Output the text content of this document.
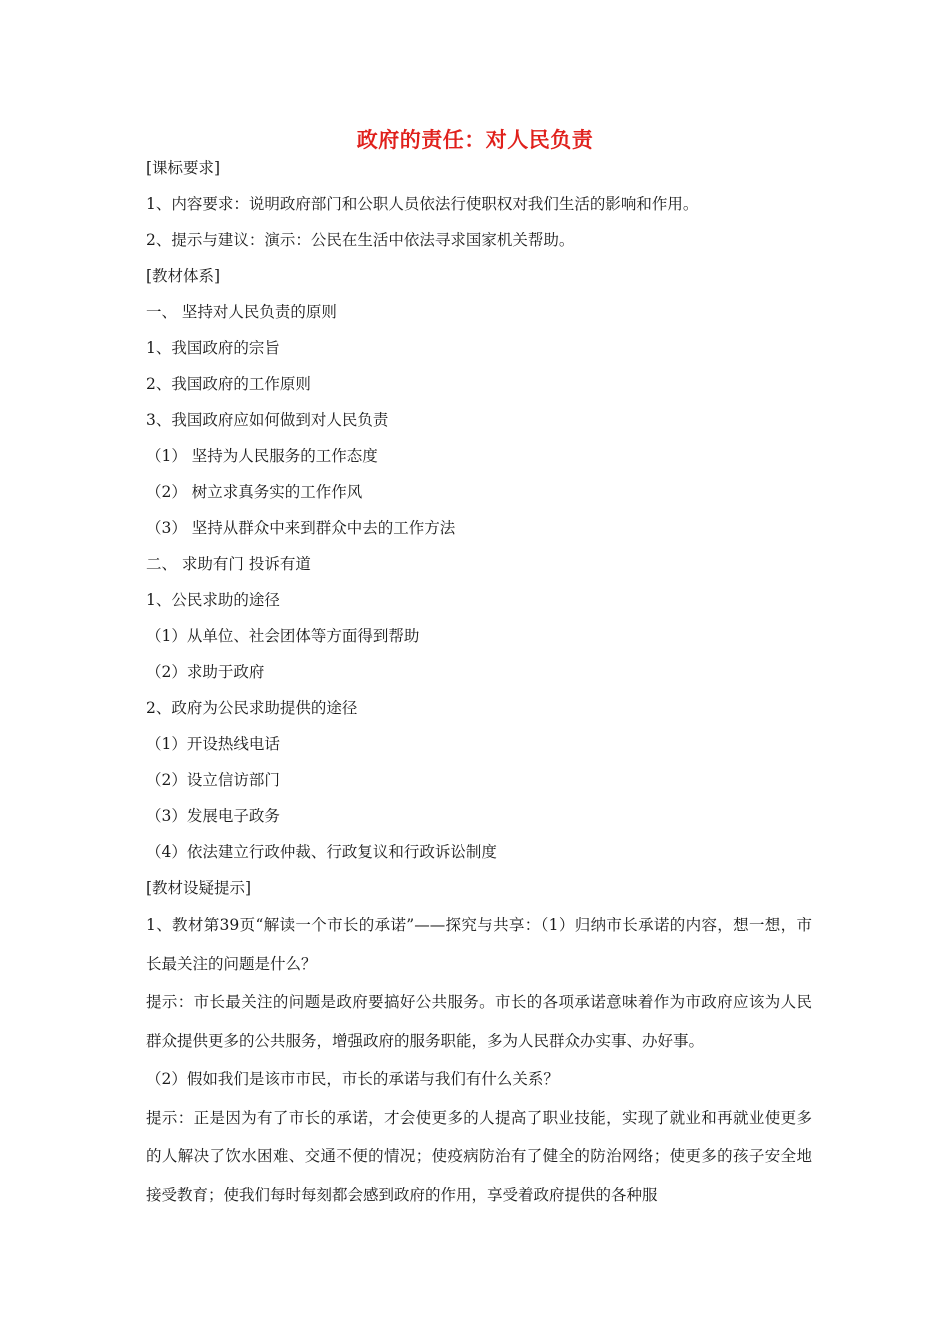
政府的责任：对人民负责
[课标要求]
1、内容要求：说明政府部门和公职人员依法行使职权对我们生活的影响和作用。
2、提示与建议：演示：公民在生活中依法寻求国家机关帮助。
[教材体系]
一、 坚持对人民负责的原则
1、我国政府的宗旨
2、我国政府的工作原则
3、我国政府应如何做到对人民负责
（1） 坚持为人民服务的工作态度
（2） 树立求真务实的工作作风
（3） 坚持从群众中来到群众中去的工作方法
二、 求助有门 投诉有道
1、公民求助的途径
（1）从单位、社会团体等方面得到帮助
（2）求助于政府
2、政府为公民求助提供的途径
（1）开设热线电话
（2）设立信访部门
（3）发展电子政务
（4）依法建立行政仲裁、行政复议和行政诉讼制度
[教材设疑提示]
1、教材第39页“解读一个市长的承诺”——探究与共享：（1）归纳市长承诺的内容，想一想，市长最关注的问题是什么？
提示：市长最关注的问题是政府要搞好公共服务。市长的各项承诺意味着作为市政府应该为人民群众提供更多的公共服务，增强政府的服务职能，多为人民群众办实事、办好事。
（2）假如我们是该市市民，市长的承诺与我们有什么关系？
提示：正是因为有了市长的承诺，才会使更多的人提高了职业技能，实现了就业和再就业使更多的人解决了饮水困难、交通不便的情况；使疫病防治有了健全的防治网络；使更多的孩子安全地接受教育；使我们每时每刻都会感到政府的作用，享受着政府提供的各种服
